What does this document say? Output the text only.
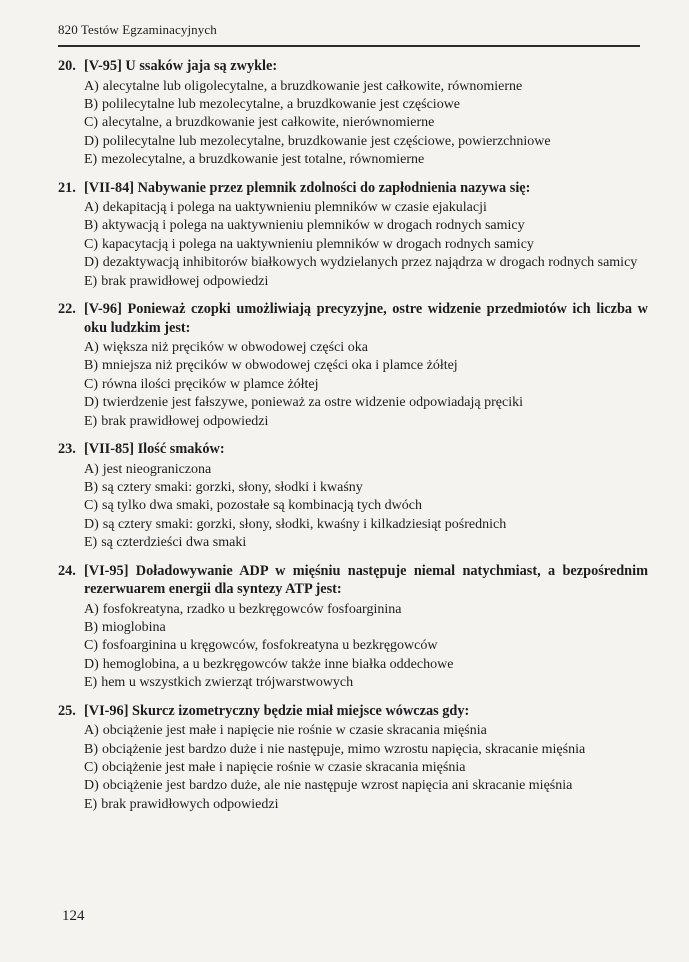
820 Testów Egzaminacyjnych
20. [V-95] U ssaków jaja są zwykle:
A) alecytalne lub oligolecytalne, a bruzdkowanie jest całkowite, równomierne
B) polilecytalne lub mezolecytalne, a bruzdkowanie jest częściowe
C) alecytalne, a bruzdkowanie jest całkowite, nierównomierne
D) polilecytalne lub mezolecytalne, bruzdkowanie jest częściowe, powierzchniowe
E) mezolecytalne, a bruzdkowanie jest totalne, równomierne
21. [VII-84] Nabywanie przez plemnik zdolności do zapłodnienia nazywa się:
A) dekapitacją i polega na uaktywnieniu plemników w czasie ejakulacji
B) aktywacją i polega na uaktywnieniu plemników w drogach rodnych samicy
C) kapacytacją i polega na uaktywnieniu plemników w drogach rodnych samicy
D) dezaktywacją inhibitorów białkowych wydzielanych przez najądrza w drogach rodnych samicy
E) brak prawidłowej odpowiedzi
22. [V-96] Ponieważ czopki umożliwiają precyzyjne, ostre widzenie przedmiotów ich liczba w oku ludzkim jest:
A) większa niż pręcików w obwodowej części oka
B) mniejsza niż pręcików w obwodowej części oka i plamce żółtej
C) równa ilości pręcików w plamce żółtej
D) twierdzenie jest fałszywe, ponieważ za ostre widzenie odpowiadają pręciki
E) brak prawidłowej odpowiedzi
23. [VII-85] Ilość smaków:
A) jest nieograniczona
B) są cztery smaki: gorzki, słony, słodki i kwaśny
C) są tylko dwa smaki, pozostałe są kombinacją tych dwóch
D) są cztery smaki: gorzki, słony, słodki, kwaśny i kilkadziesiąt pośrednich
E) są czterdzieści dwa smaki
24. [VI-95] Doładowywanie ADP w mięśniu następuje niemal natychmiast, a bezpośrednim rezerwuarem energii dla syntezy ATP jest:
A) fosfokreatyna, rzadko u bezkręgowców fosfoarginina
B) mioglobina
C) fosfoarginina u kręgowców, fosfokreatyna u bezkręgowców
D) hemoglobina, a u bezkręgowców także inne białka oddechowe
E) hem u wszystkich zwierząt trójwarstwowych
25. [VI-96] Skurcz izometryczny będzie miał miejsce wówczas gdy:
A) obciążenie jest małe i napięcie nie rośnie w czasie skracania mięśnia
B) obciążenie jest bardzo duże i nie następuje, mimo wzrostu napięcia, skracanie mięśnia
C) obciążenie jest małe i napięcie rośnie w czasie skracania mięśnia
D) obciążenie jest bardzo duże, ale nie następuje wzrost napięcia ani skracanie mięśnia
E) brak prawidłowych odpowiedzi
124
